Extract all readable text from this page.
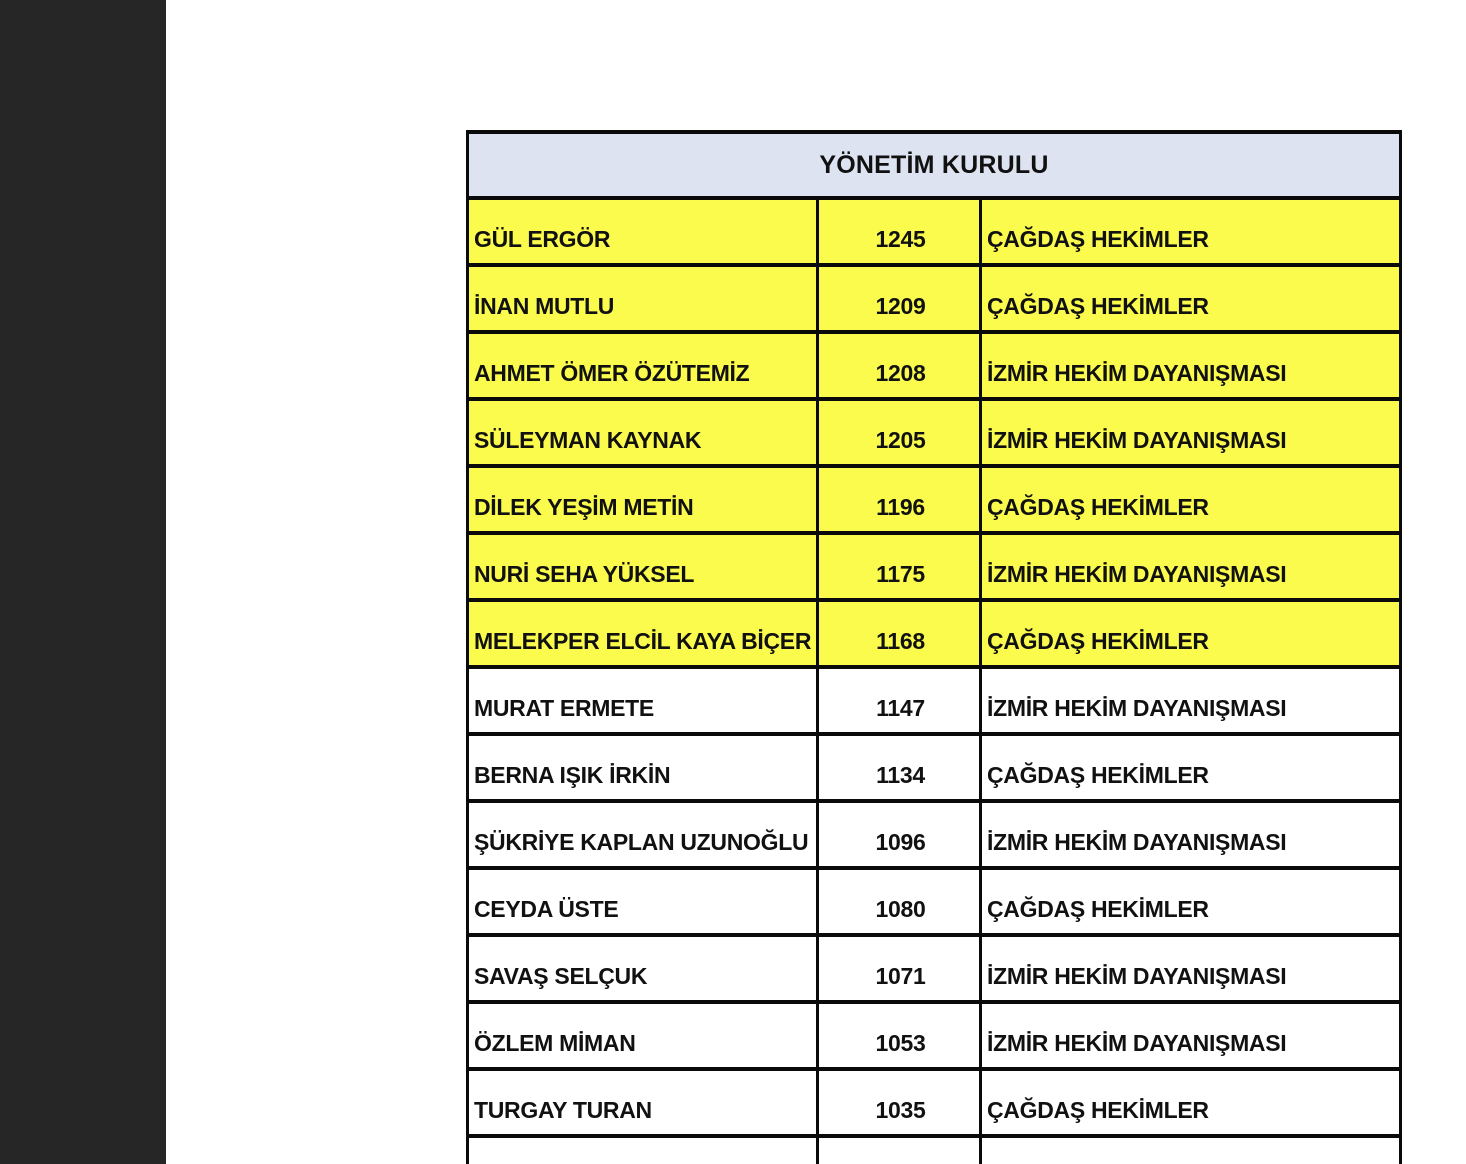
YÖNETİM KURULU		
GÜL ERGÖR	1245	ÇAĞDAŞ HEKİMLER
İNAN MUTLU	1209	ÇAĞDAŞ HEKİMLER
AHMET ÖMER ÖZÜTEMİZ	1208	İZMİR HEKİM DAYANIŞMASI
SÜLEYMAN KAYNAK	1205	İZMİR HEKİM DAYANIŞMASI
DİLEK YEŞİM METİN	1196	ÇAĞDAŞ HEKİMLER
NURİ SEHA YÜKSEL	1175	İZMİR HEKİM DAYANIŞMASI
MELEKPER ELCİL KAYA BİÇER	1168	ÇAĞDAŞ HEKİMLER
MURAT ERMETE	1147	İZMİR HEKİM DAYANIŞMASI
BERNA IŞIK İRKİN	1134	ÇAĞDAŞ HEKİMLER
ŞÜKRİYE KAPLAN UZUNOĞLU	1096	İZMİR HEKİM DAYANIŞMASI
CEYDA ÜSTE	1080	ÇAĞDAŞ HEKİMLER
SAVAŞ SELÇUK	1071	İZMİR HEKİM DAYANIŞMASI
ÖZLEM MİMAN	1053	İZMİR HEKİM DAYANIŞMASI
TURGAY TURAN	1035	ÇAĞDAŞ HEKİMLER
